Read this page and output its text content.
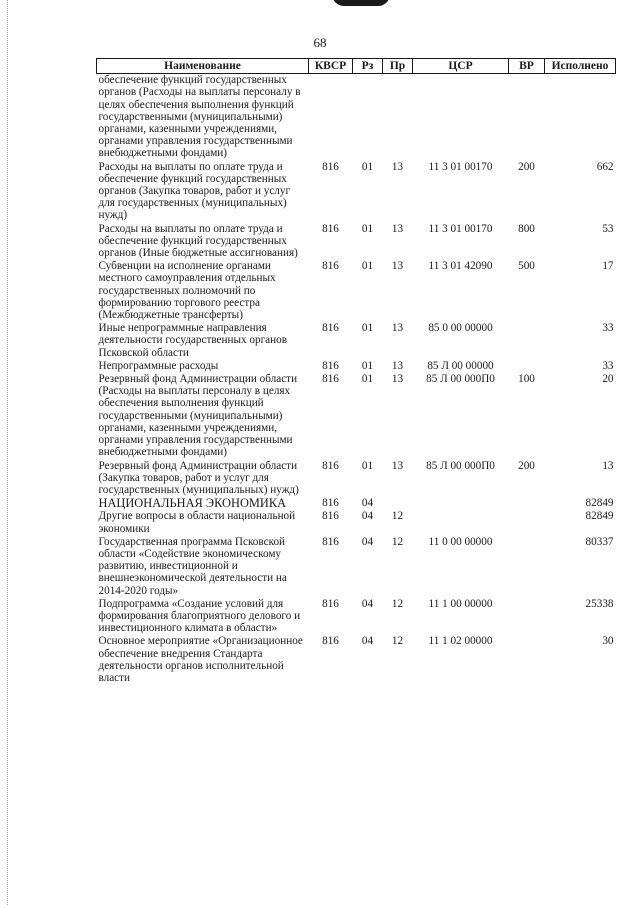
68
Наименование	КВСР	Рз	Пр	ЦСР	ВР	Исполнено
обеспечение функций государственных органов (Расходы на выплаты персоналу в целях обеспечения выполнения функций государственными (муниципальными) органами, казенными учреждениями, органами управления государственными внебюджетными фондами)						
Расходы на выплаты по оплате труда и обеспечение функций государственных органов (Закупка товаров, работ и услуг для государственных (муниципальных) нужд)	816	01	13	11 3 01 00170	200	662
Расходы на выплаты по оплате труда и обеспечение функций государственных органов (Иные бюджетные ассигнования)	816	01	13	11 3 01 00170	800	53
Субвенции на исполнение органами местного самоуправления отдельных государственных полномочий по формированию торгового реестра (Межбюджетные трансферты)	816	01	13	11 3 01 42090	500	17
Иные непрограммные направления деятельности государственных органов Псковской области	816	01	13	85 0 00 00000		33
Непрограммные расходы	816	01	13	85 Л 00 00000		33
Резервный фонд Администрации области (Расходы на выплаты персоналу в целях обеспечения выполнения функций государственными (муниципальными) органами, казенными учреждениями, органами управления государственными внебюджетными фондами)	816	01	13	85 Л 00 000П0	100	20
Резервный фонд Администрации области (Закупка товаров, работ и услуг для государственных (муниципальных) нужд)	816	01	13	85 Л 00 000П0	200	13
НАЦИОНАЛЬНАЯ ЭКОНОМИКА	816	04				82849
Другие вопросы в области национальной экономики	816	04	12			82849
Государственная программа Псковской области «Содействие экономическому развитию, инвестиционной и внешнеэкономической деятельности на 2014-2020 годы»	816	04	12	11 0 00 00000		80337
Подпрограмма «Создание условий для формирования благоприятного делового и инвестиционного климата в области»	816	04	12	11 1 00 00000		25338
Основное мероприятие «Организационное обеспечение внедрения Стандарта деятельности органов исполнительной власти	816	04	12	11 1 02 00000		30
